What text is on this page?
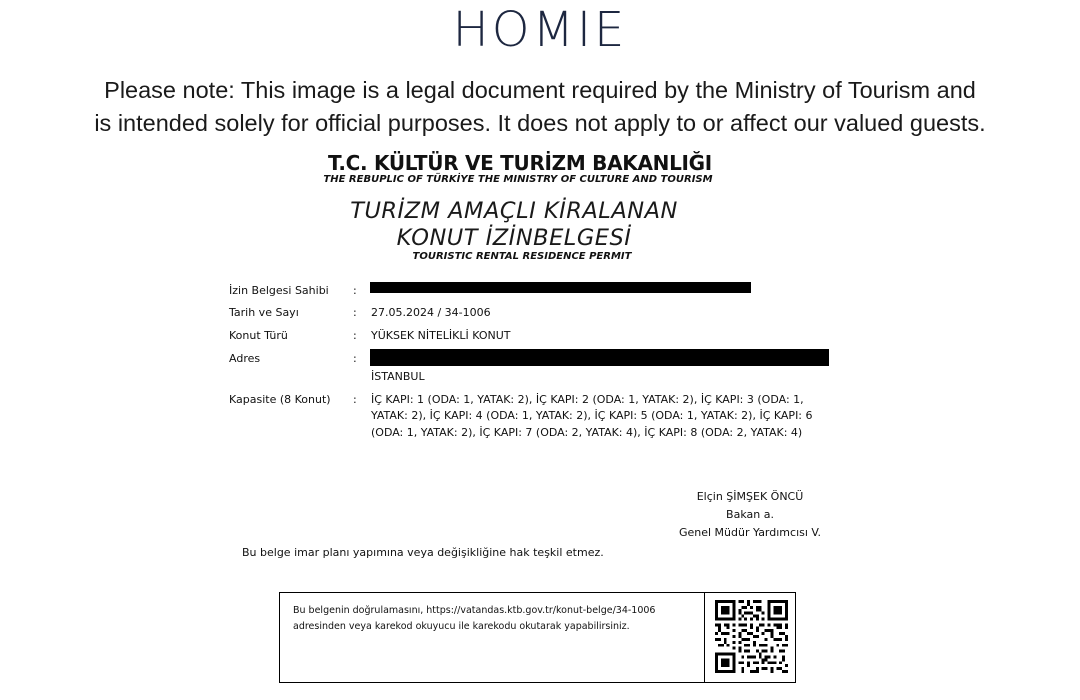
HOMIE
Please note: This image is a legal document required by the Ministry of Tourism and
is intended solely for official purposes. It does not apply to or affect our valued guests.
T.C. KÜLTÜR VE TURİZM BAKANLIĞI
THE REBUPLIC OF TÜRKİYE THE MINISTRY OF CULTURE AND TOURISM
TURİZM AMAÇLI KİRALANAN
KONUT İZİNBELGESİ
TOURISTIC RENTAL RESIDENCE PERMIT
İzin Belgesi Sahibi :
Tarih ve Sayı	: 27.05.2024 / 34-1006
Konut Türü	: YÜKSEK NİTELİKLİ KONUT
Adres	:
İSTANBUL
Kapasite (8 Konut) : İÇ KAPI: 1 (ODA: 1, YATAK: 2), İÇ KAPI: 2 (ODA: 1, YATAK: 2), İÇ KAPI: 3 (ODA: 1,
YATAK: 2), İÇ KAPI: 4 (ODA: 1, YATAK: 2), İÇ KAPI: 5 (ODA: 1, YATAK: 2), İÇ KAPI: 6
(ODA: 1, YATAK: 2), İÇ KAPI: 7 (ODA: 2, YATAK: 4), İÇ KAPI: 8 (ODA: 2, YATAK: 4)
Elçin ŞİMŞEK ÖNCÜ
Bakan a.
Genel Müdür Yardımcısı V.
Bu belge imar planı yapımına veya değişikliğine hak teşkil etmez.
Bu belgenin doğrulamasını, https://vatandas.ktb.gov.tr/konut-belge/34-1006
adresinden veya karekod okuyucu ile karekodu okutarak yapabilirsiniz.
